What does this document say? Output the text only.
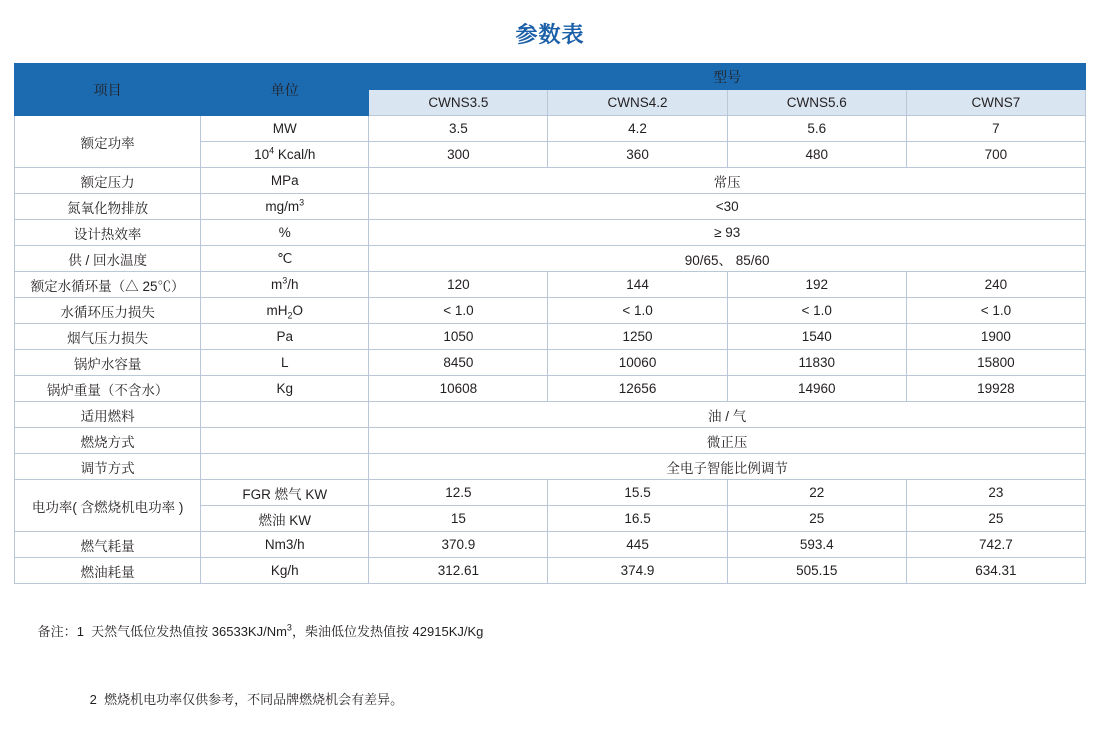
参数表
项目	单位	型号			
		CWNS3.5	CWNS4.2	CWNS5.6	CWNS7
额定功率	MW	3.5	4.2	5.6	7
	$10^4$ Kcal/h	300	360	480	700
额定压力	MPa	常压			
氮氧化物排放	$mg/m^3$	<30			
设计热效率	%	≥ 93			
供 / 回水温度	℃	90/65、 85/60			
额定水循环量（△ 25℃）	$m^3/h$	120	144	192	240
水循环压力损失	$mH_2O$	< 1.0	< 1.0	< 1.0	< 1.0
烟气压力损失	Pa	1050	1250	1540	1900
锅炉水容量	L	8450	10060	11830	15800
锅炉重量（不含水）	Kg	10608	12656	14960	19928
适用燃料		油 / 气			
燃烧方式		微正压			
调节方式		全电子智能比例调节			
电功率( 含燃烧机电功率 )	FGR 燃气 KW	12.5	15.5	22	23
	燃油 KW	15	16.5	25	25
燃气耗量	Nm3/h	370.9	445	593.4	742.7
燃油耗量	Kg/h	312.61	374.9	505.15	634.31

备注：1 天然气低位发热值按 36533KJ/Nm$^3$，柴油低位发热值按 42915KJ/Kg

2 燃烧机电功率仅供参考，不同品牌燃烧机会有差异。
